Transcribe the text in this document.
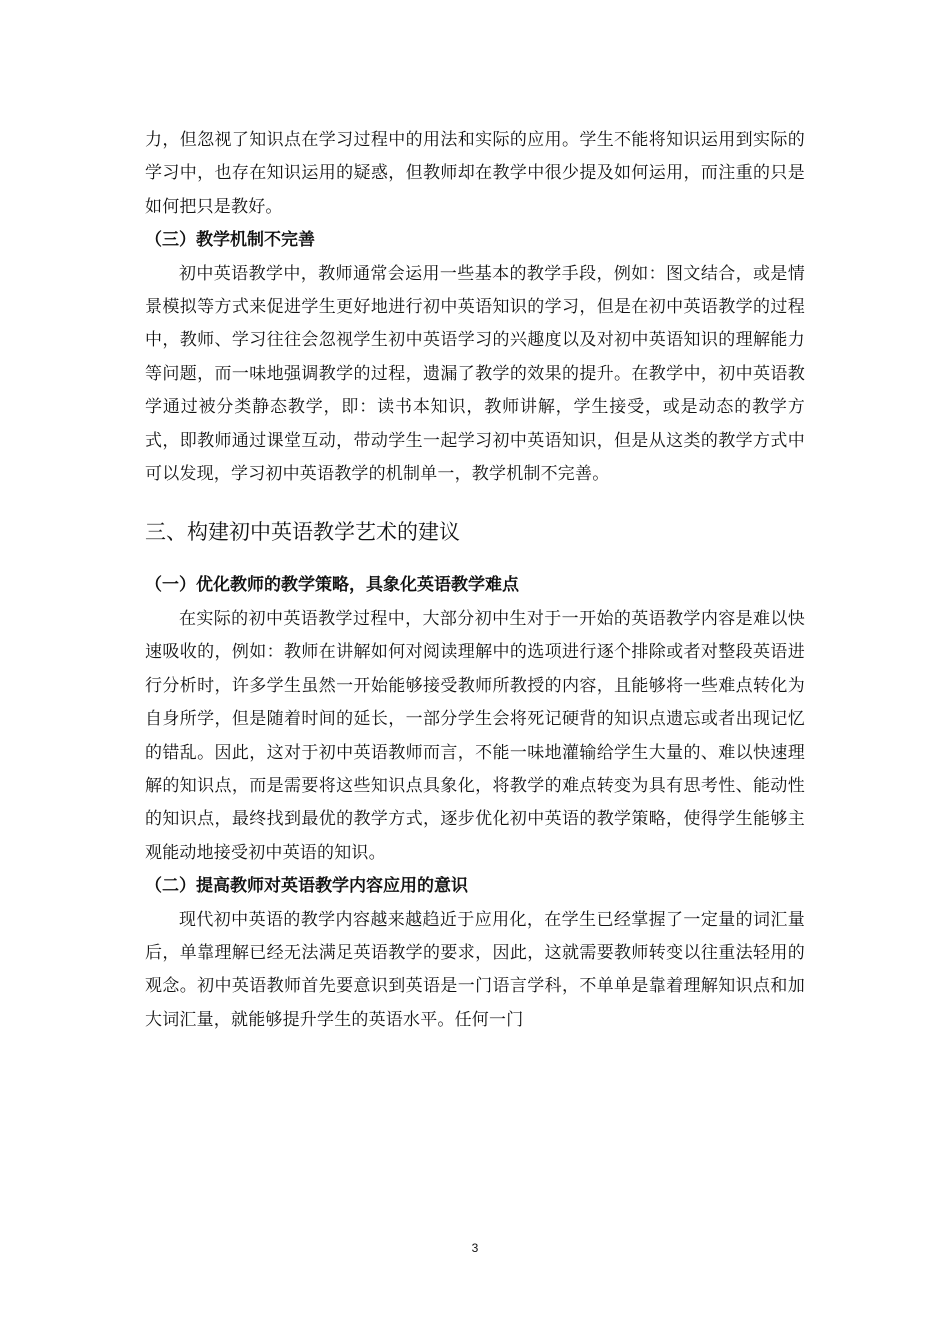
力，但忽视了知识点在学习过程中的用法和实际的应用。学生不能将知识运用到实际的学习中，也存在知识运用的疑惑，但教师却在教学中很少提及如何运用，而注重的只是如何把只是教好。

（三）教学机制不完善

初中英语教学中，教师通常会运用一些基本的教学手段，例如：图文结合，或是情景模拟等方式来促进学生更好地进行初中英语知识的学习，但是在初中英语教学的过程中，教师、学习往往会忽视学生初中英语学习的兴趣度以及对初中英语知识的理解能力等问题，而一味地强调教学的过程，遗漏了教学的效果的提升。在教学中，初中英语教学通过被分类静态教学，即：读书本知识，教师讲解，学生接受，或是动态的教学方式，即教师通过课堂互动，带动学生一起学习初中英语知识，但是从这类的教学方式中可以发现，学习初中英语教学的机制单一，教学机制不完善。

三、构建初中英语教学艺术的建议

（一）优化教师的教学策略，具象化英语教学难点

在实际的初中英语教学过程中，大部分初中生对于一开始的英语教学内容是难以快速吸收的，例如：教师在讲解如何对阅读理解中的选项进行逐个排除或者对整段英语进行分析时，许多学生虽然一开始能够接受教师所教授的内容，且能够将一些难点转化为自身所学，但是随着时间的延长，一部分学生会将死记硬背的知识点遗忘或者出现记忆的错乱。因此，这对于初中英语教师而言，不能一味地灌输给学生大量的、难以快速理解的知识点，而是需要将这些知识点具象化，将教学的难点转变为具有思考性、能动性的知识点，最终找到最优的教学方式，逐步优化初中英语的教学策略，使得学生能够主观能动地接受初中英语的知识。

（二）提高教师对英语教学内容应用的意识

现代初中英语的教学内容越来越趋近于应用化，在学生已经掌握了一定量的词汇量后，单靠理解已经无法满足英语教学的要求，因此，这就需要教师转变以往重法轻用的观念。初中英语教师首先要意识到英语是一门语言学科，不单单是靠着理解知识点和加大词汇量，就能够提升学生的英语水平。任何一门

3
